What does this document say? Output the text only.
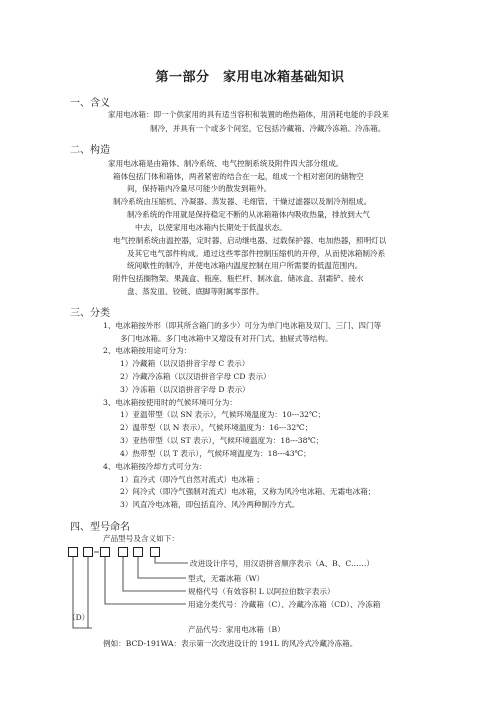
第一部分　家用电冰箱基础知识
一、含义
家用电冰箱：即一个供家用的具有适当容积和装置的绝热箱体，用消耗电能的手段来
制冷，并具有一个或多个间室，它包括冷藏箱、冷藏冷冻箱、冷冻箱。
二、构造
家用电冰箱是由箱体、制冷系统、电气控制系统及附件四大部分组成。
箱体包括门体和箱体，两者紧密的结合在一起，组成一个相对密闭的储物空
间，保持箱内冷量尽可能少的散发到箱外。
制冷系统由压缩机、冷凝器、蒸发器、毛细管、干燥过滤器以及制冷剂组成。
制冷系统的作用就是保持稳定不断的从冰箱箱体内吸收热量，排放到大气
中去，以使家用电冰箱内长期处于低温状态。
电气控制系统由温控器，定时器、启动继电器、过载保护器、电加热器，照明灯以
及其它电气部件构成。通过这些零部件控制压缩机的开停，从而使冰箱制冷系
统间歇性的制冷，并使电冰箱内温度控制在用户所需要的低温范围内。
附件包括搁物架、果蔬盒、瓶座、瓶栏杆、制冰盒、储冰盒、刮霜铲、接水
盘、蒸发皿、铰链、底脚等附属零部件。
三、分类
1、电冰箱按外形（即其所含箱门的多少）可分为单门电冰箱及双门、三门、四门等
多门电冰箱。多门电冰箱中又增设有对开门式、抽屉式等结构。
2、电冰箱按用途可分为：
1）冷藏箱（以汉语拼音字母 C 表示）
2）冷藏冷冻箱（以汉语拼音字母 CD 表示）
3）冷冻箱（以汉语拼音字母 D 表示）
3、电冰箱按使用时的气候环境可分为：
1）亚温带型（以 SN 表示），气候环境温度为：10---32℃；
2）温带型（以 N 表示），气候环境温度为：16---32℃；
3）亚热带型（以 ST 表示），气候环境温度为：18---38℃；
4）热带型（以 T 表示），气候环境温度为：18---43℃；
4、电冰箱按冷却方式可分为：
1）直冷式（即冷气自然对流式）电冰箱 ；
2）间冷式（即冷气强制对流式）电冰箱，又称为风冷电冰箱、无霜电冰箱；
3）风直冷电冰箱，即包括直冷、风冷两种制冷方式。
四、型号命名
产品型号及含义如下：
改进设计序号，用汉语拼音顺序表示（A、B、C……）
型式，无霜冰箱（W）
规格代号（有效容积 L 以阿拉伯数字表示）
用途分类代号：冷藏箱（C）、冷藏冷冻箱（CD）、冷冻箱
（D）
产品代号：家用电冰箱（B）
例如：BCD-191WA：表示第一次改进设计的 191L 的风冷式冷藏冷冻箱。
